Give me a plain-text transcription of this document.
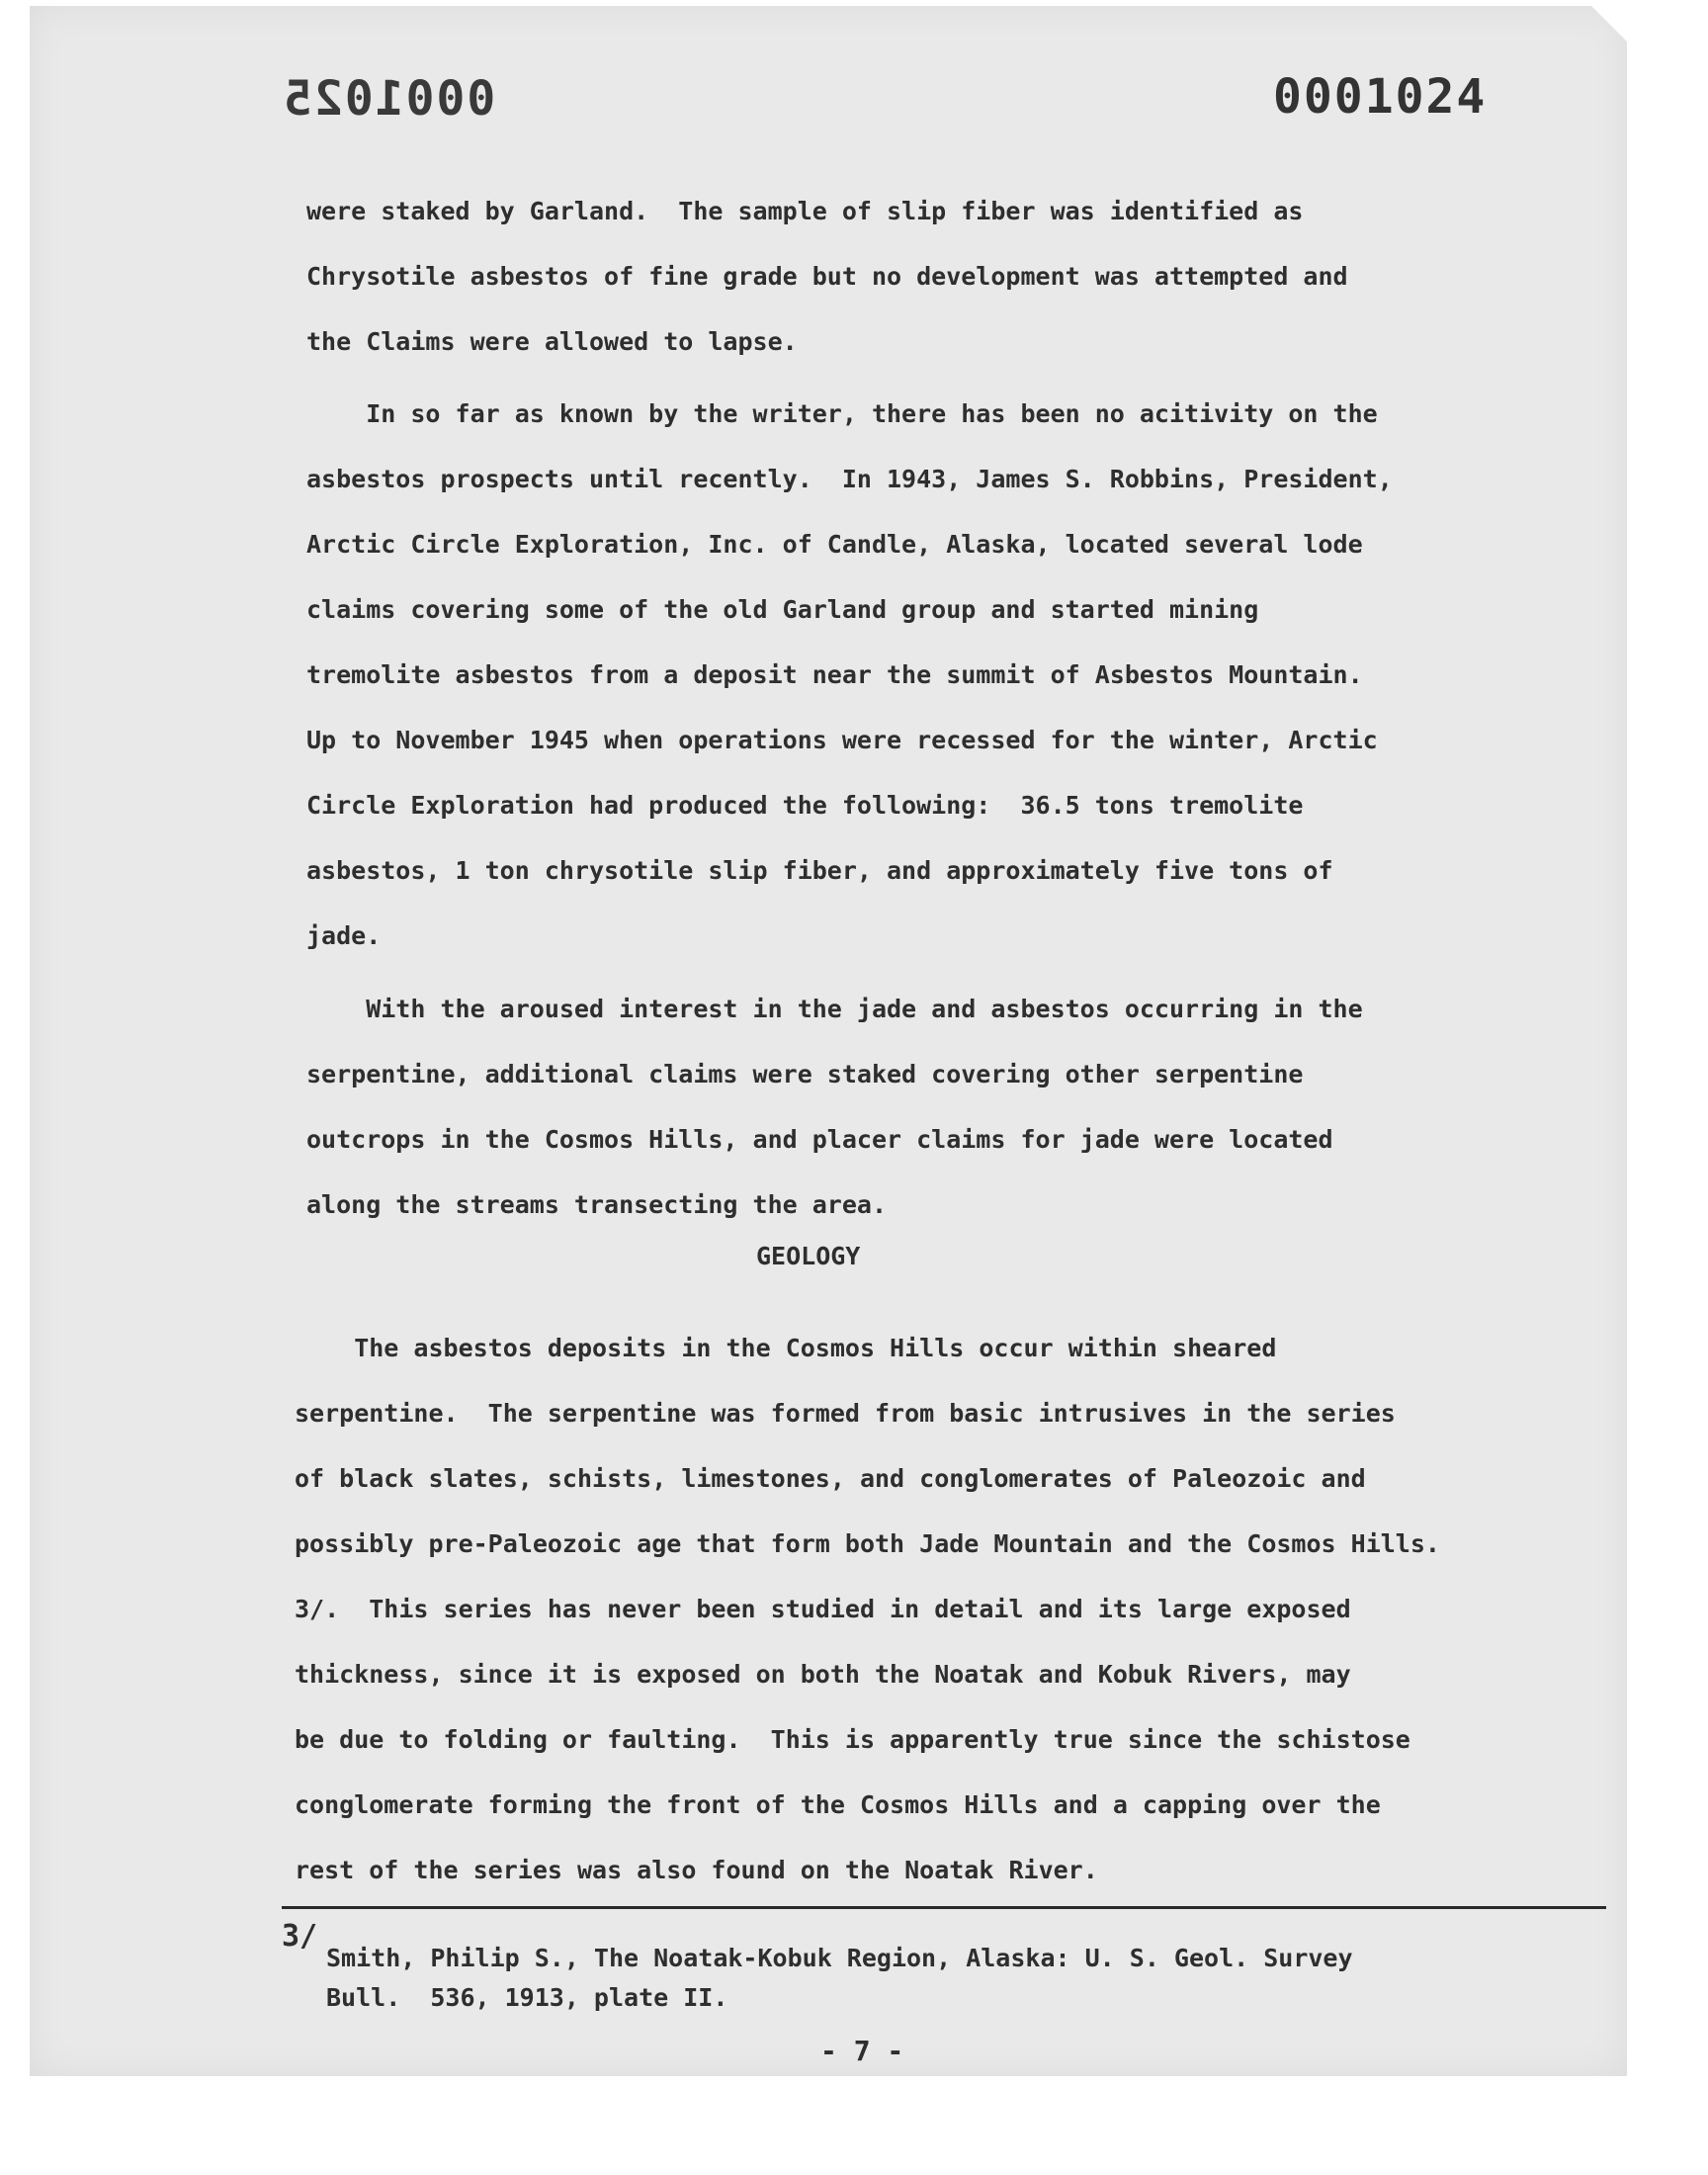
0001025	0001024
were staked by Garland.  The sample of slip fiber was identified as
Chrysotile asbestos of fine grade but no development was attempted and
the Claims were allowed to lapse.
In so far as known by the writer, there has been no acitivity on the
asbestos prospects until recently.  In 1943, James S. Robbins, President,
Arctic Circle Exploration, Inc. of Candle, Alaska, located several lode
claims covering some of the old Garland group and started mining
tremolite asbestos from a deposit near the summit of Asbestos Mountain.
Up to November 1945 when operations were recessed for the winter, Arctic
Circle Exploration had produced the following:  36.5 tons tremolite
asbestos, 1 ton chrysotile slip fiber, and approximately five tons of
jade.
With the aroused interest in the jade and asbestos occurring in the
serpentine, additional claims were staked covering other serpentine
outcrops in the Cosmos Hills, and placer claims for jade were located
along the streams transecting the area.
GEOLOGY
The asbestos deposits in the Cosmos Hills occur within sheared
serpentine.  The serpentine was formed from basic intrusives in the series
of black slates, schists, limestones, and conglomerates of Paleozoic and
possibly pre-Paleozoic age that form both Jade Mountain and the Cosmos Hills.
3/.  This series has never been studied in detail and its large exposed
thickness, since it is exposed on both the Noatak and Kobuk Rivers, may
be due to folding or faulting.  This is apparently true since the schistose
conglomerate forming the front of the Cosmos Hills and a capping over the
rest of the series was also found on the Noatak River.
3/
Smith, Philip S., The Noatak-Kobuk Region, Alaska: U. S. Geol. Survey
Bull.  536, 1913, plate II.
- 7 -
